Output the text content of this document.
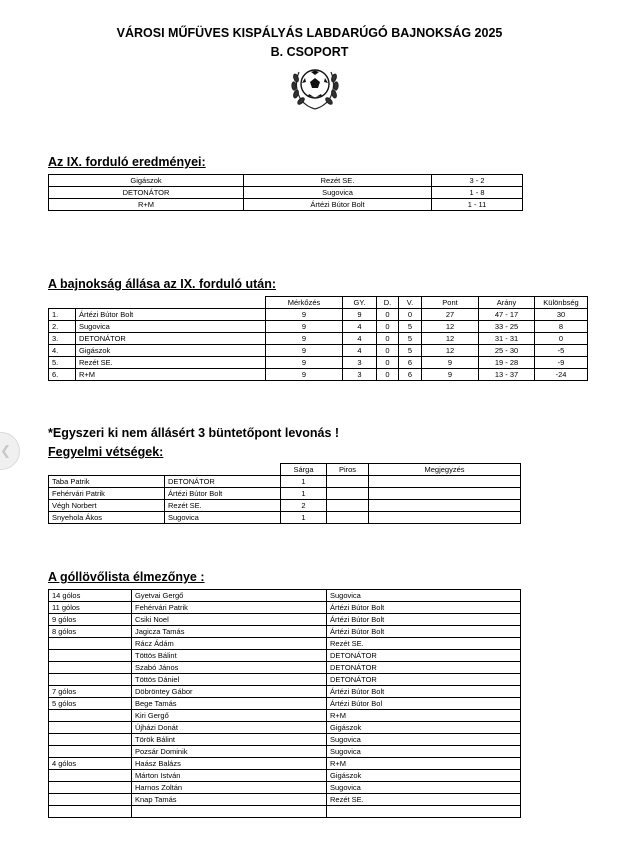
VÁROSI MŰFÜVES KISPÁLYÁS LABDARÚGÓ BAJNOKSÁG 2025
B. CSOPORT
Az IX. forduló eredményei:
Gigászok	Rezét SE.	3 - 2
DETONÁTOR	Sugovica	1 - 8
R+M	Ártézi Bútor Bolt	1 - 11
A bajnokság állása az IX. forduló után:
		Mérkőzés	GY.	D.	V.	Pont	Arány	Különbség
1.	Ártézi Bútor Bolt	9	9	0	0	27	47 - 17	30
2.	Sugovica	9	4	0	5	12	33 - 25	8
3.	DETONÁTOR	9	4	0	5	12	31 - 31	0
4.	Gigászok	9	4	0	5	12	25 - 30	-5
5.	Rezét SE.	9	3	0	6	9	19 - 28	-9
6.	R+M	9	3	0	6	9	13 - 37	-24
*Egyszeri ki nem állásért 3 büntetőpont levonás !
Fegyelmi vétségek:
		Sárga	Piros	Megjegyzés
Taba Patrik	DETONÁTOR	1		
Fehérvári Patrik	Ártézi Bútor Bolt	1		
Végh Norbert	Rezét SE.	2		
Snyehola Ákos	Sugovica	1		
A góllövőlista élmezőnye :
14 gólos	Gyetvai Gergő	Sugovica
11 gólos	Fehérvári Patrik	Ártézi Bútor Bolt
9 gólos	Csiki Noel	Ártézi Bútor Bolt
8 gólos	Jagicza Tamás	Ártézi Bútor Bolt
	Rácz Ádám	Rezét SE.
	Töttös Bálint	DETONÁTOR
	Szabó János	DETONÁTOR
	Töttös Dániel	DETONÁTOR
7 gólos	Döbröntey Gábor	Ártézi Bútor Bolt
5 gólos	Bege Tamás	Ártézi Bútor Bol
	Kiri Gergő	R+M
	Újházi Donát	Gigászok
	Török Bálint	Sugovica
	Pozsár Dominik	Sugovica
4 gólos	Haász Balázs	R+M
	Márton István	Gigászok
	Harnos Zoltán	Sugovica
	Knap Tamás	Rezét SE.

❮
